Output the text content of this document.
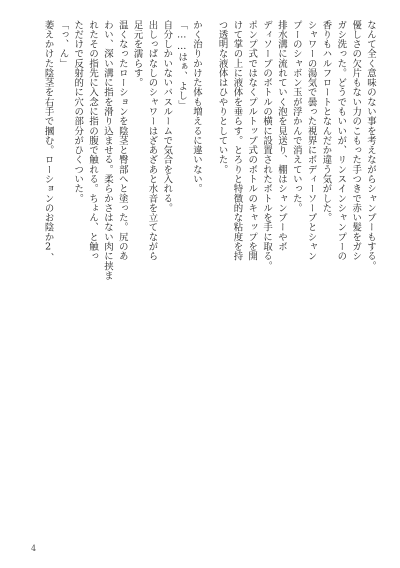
なんて全く意味のない事を考えながらシャンプーもする。
優しさの欠片もない力のこもった手つきで赤い髪をガシ
ガシ洗った。どうでもいいが、リンスインシャンプーの
香りもハルフロートとなんだか違う気がした。
シャワーの湯気で曇った視界にボディーソープとシャン
プーのシャボン玉が浮かんで消えていった。
排水溝に流れていく泡を見送り、棚はシャンプーやボ
ディソープのボトルの横に設置されたボトルを手に取る。
ポンプ式ではなくプルトップ式のボトルのキャップを開
けて掌の上に液体を垂らす。とろりと特徴的な粘度を持
つ透明な液体はひやりとしていた。
かく治りかけた体も増えるに違いない。
「……はぁ、よし」
自分しかいないバスルームで気合を入れる。
出しっぱなしのシャワーはざあざあと水音を立てながら
足元を濡らす。
温くなったローションを陰茎と臀部へと塗った。尻のあ
わい、深い溝に指を滑り込ませる。柔らかさはない肉に挟ま
れたその指先に入念に指の腹で触れる。ちょん、と触っ
ただけで反射的に穴の部分がひくついた。
「っ、ん」
萎えかけた陰茎を右手で摑む。ローションのお陰か2、
4
